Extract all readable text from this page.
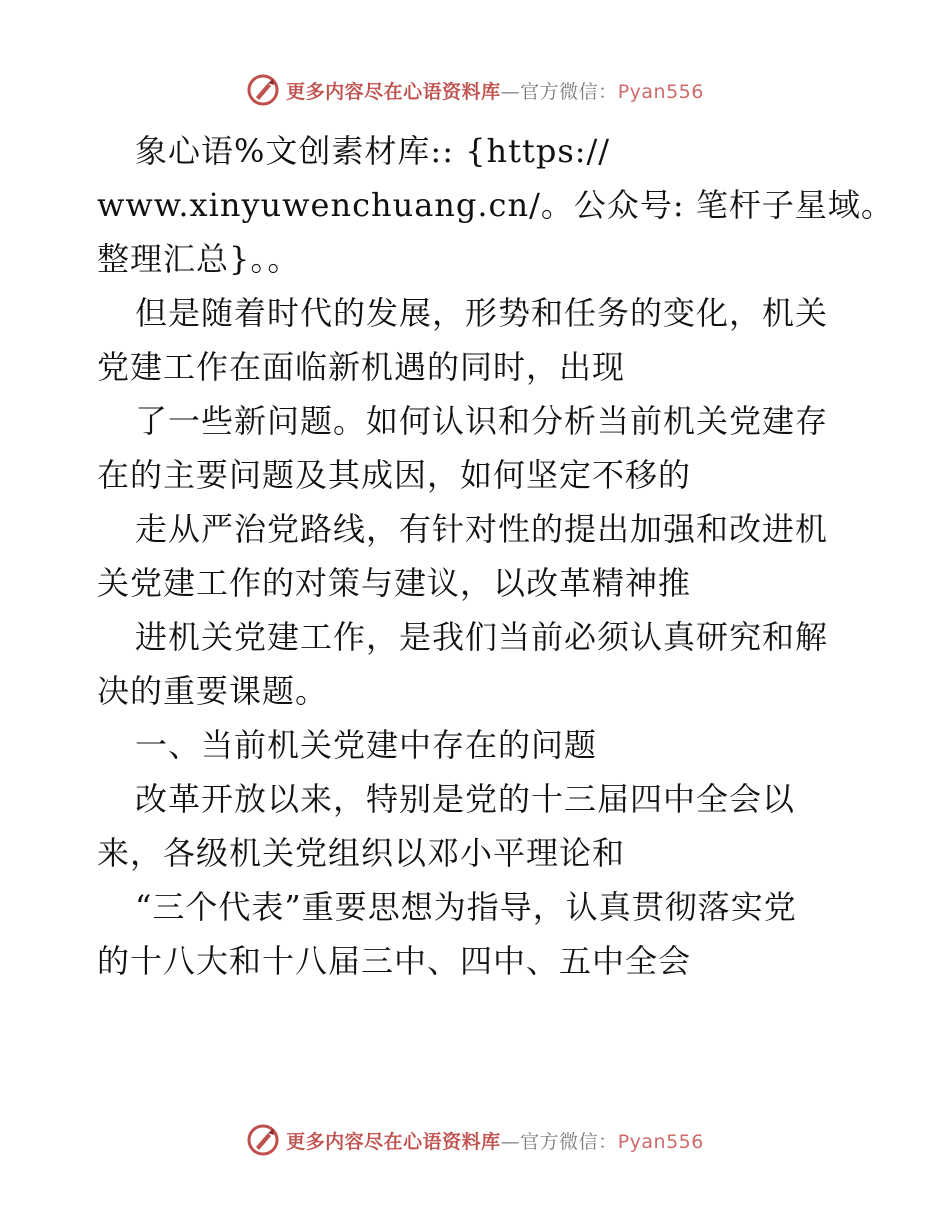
更多内容尽在心语资料库—官方微信：Pyan556
象心语%文创素材库:: {https://
www.xinyuwenchuang.cn/。公众号: 笔杆子星域。
整理汇总}。。
但是随着时代的发展，形势和任务的变化，机关
党建工作在面临新机遇的同时，出现
了一些新问题。如何认识和分析当前机关党建存
在的主要问题及其成因，如何坚定不移的
走从严治党路线，有针对性的提出加强和改进机
关党建工作的对策与建议，以改革精神推
进机关党建工作，是我们当前必须认真研究和解
决的重要课题。
一、当前机关党建中存在的问题
改革开放以来，特别是党的十三届四中全会以
来，各级机关党组织以邓小平理论和
“三个代表”重要思想为指导，认真贯彻落实党
的十八大和十八届三中、四中、五中全会
更多内容尽在心语资料库—官方微信：Pyan556
